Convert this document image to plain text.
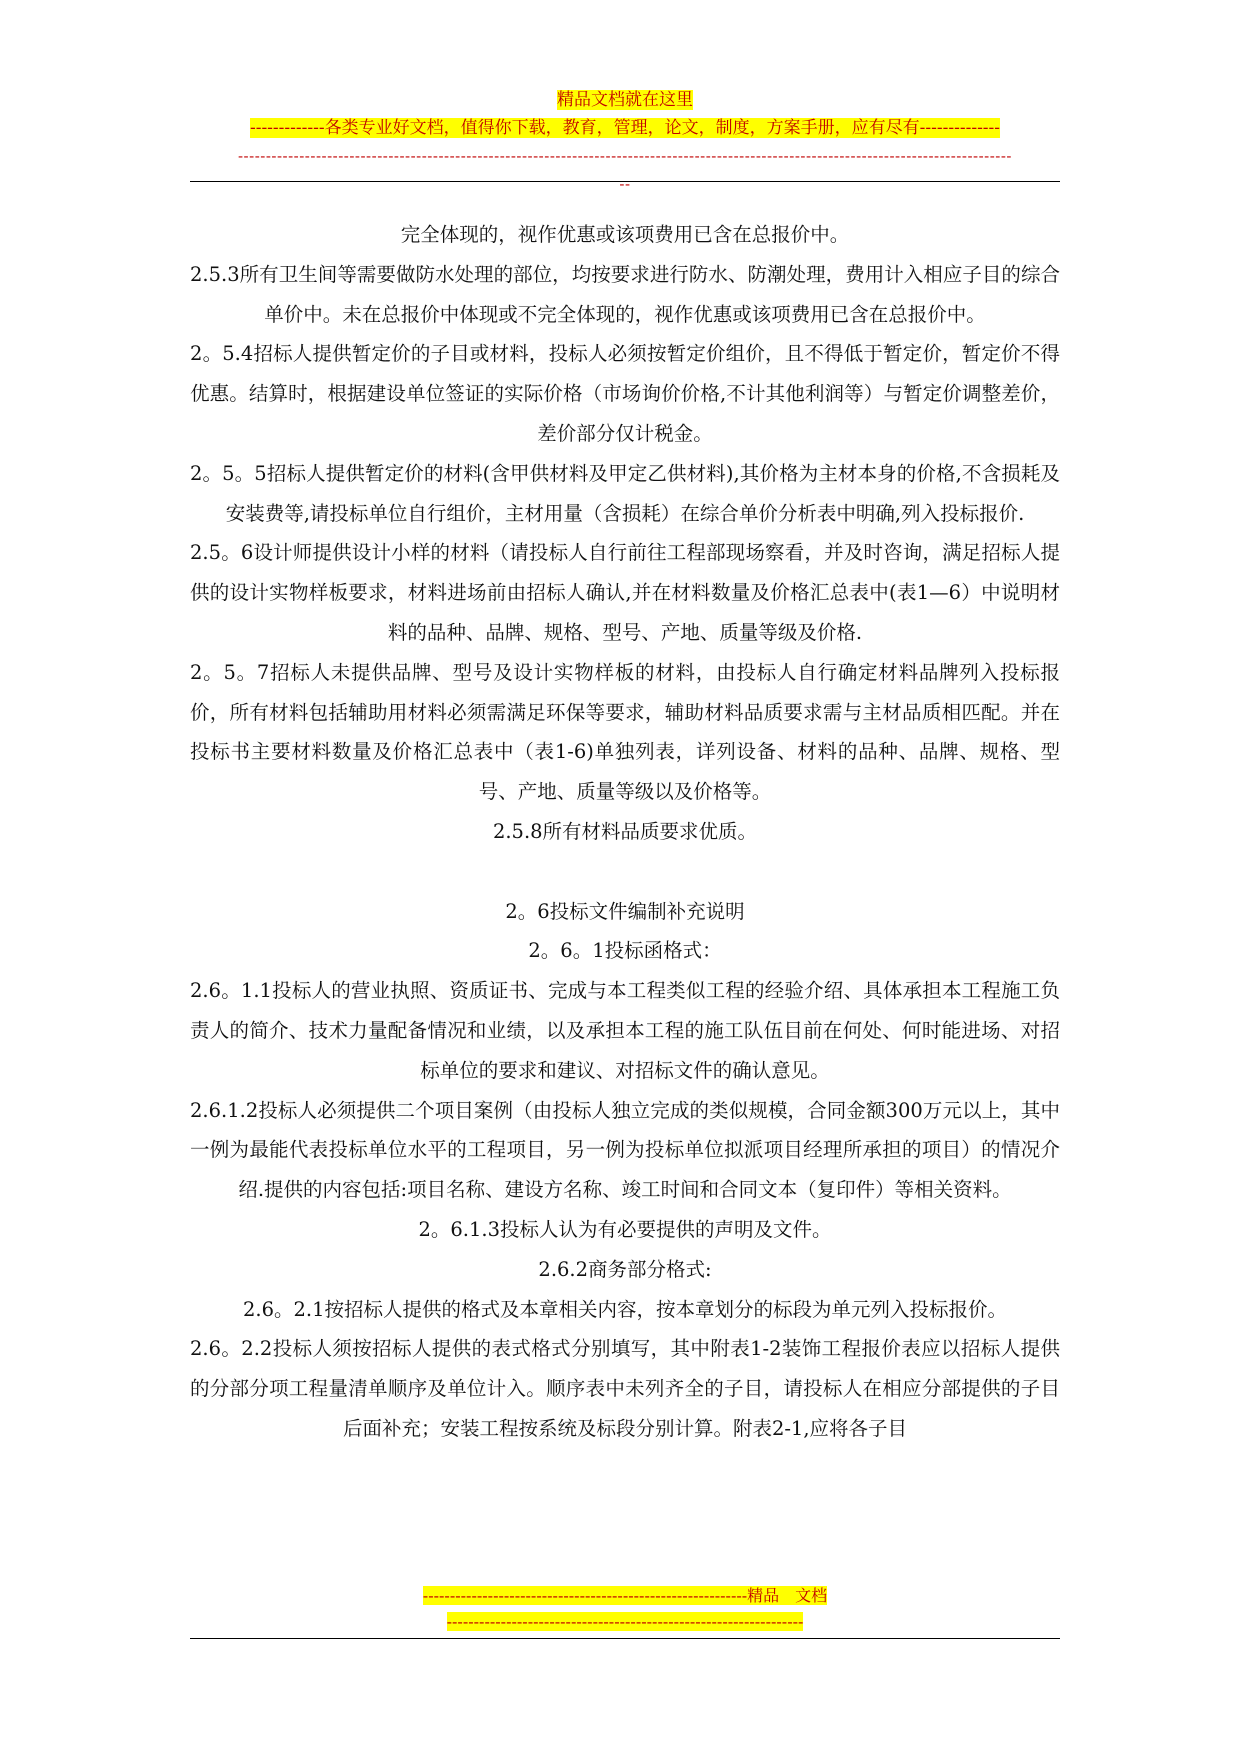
精品文档就在这里
-------------各类专业好文档，值得你下载，教育，管理，论文，制度，方案手册，应有尽有--------------
-------------------------------------------------------------------------------------------------------------------------------------------
--

完全体现的，视作优惠或该项费用已含在总报价中。

2.5.3所有卫生间等需要做防水处理的部位，均按要求进行防水、防潮处理，费用计入相应子目的综合单价中。未在总报价中体现或不完全体现的，视作优惠或该项费用已含在总报价中。

2。5.4招标人提供暂定价的子目或材料，投标人必须按暂定价组价，且不得低于暂定价，暂定价不得优惠。结算时，根据建设单位签证的实际价格（市场询价价格,不计其他利润等）与暂定价调整差价，差价部分仅计税金。

2。5。5招标人提供暂定价的材料(含甲供材料及甲定乙供材料),其价格为主材本身的价格,不含损耗及安装费等,请投标单位自行组价，主材用量（含损耗）在综合单价分析表中明确,列入投标报价.

2.5。6设计师提供设计小样的材料（请投标人自行前往工程部现场察看，并及时咨询，满足招标人提供的设计实物样板要求，材料进场前由招标人确认,并在材料数量及价格汇总表中(表1—6）中说明材料的品种、品牌、规格、型号、产地、质量等级及价格.

2。5。7招标人未提供品牌、型号及设计实物样板的材料，由投标人自行确定材料品牌列入投标报价，所有材料包括辅助用材料必须需满足环保等要求，辅助材料品质要求需与主材品质相匹配。并在投标书主要材料数量及价格汇总表中（表1-6)单独列表，详列设备、材料的品种、品牌、规格、型号、产地、质量等级以及价格等。

2.5.8所有材料品质要求优质。

2。6投标文件编制补充说明

2。6。1投标函格式：

2.6。1.1投标人的营业执照、资质证书、完成与本工程类似工程的经验介绍、具体承担本工程施工负责人的简介、技术力量配备情况和业绩，以及承担本工程的施工队伍目前在何处、何时能进场、对招标单位的要求和建议、对招标文件的确认意见。

2.6.1.2投标人必须提供二个项目案例（由投标人独立完成的类似规模，合同金额300万元以上，其中一例为最能代表投标单位水平的工程项目，另一例为投标单位拟派项目经理所承担的项目）的情况介绍.提供的内容包括:项目名称、建设方名称、竣工时间和合同文本（复印件）等相关资料。

2。6.1.3投标人认为有必要提供的声明及文件。

2.6.2商务部分格式:

2.6。2.1按招标人提供的格式及本章相关内容，按本章划分的标段为单元列入投标报价。

2.6。2.2投标人须按招标人提供的表式格式分别填写，其中附表1-2装饰工程报价表应以招标人提供的分部分项工程量清单顺序及单位计入。顺序表中未列齐全的子目，请投标人在相应分部提供的子目后面补充；安装工程按系统及标段分别计算。附表2-1,应将各子目

------------------------------------------------------------精品　文档
------------------------------------------------------------------
